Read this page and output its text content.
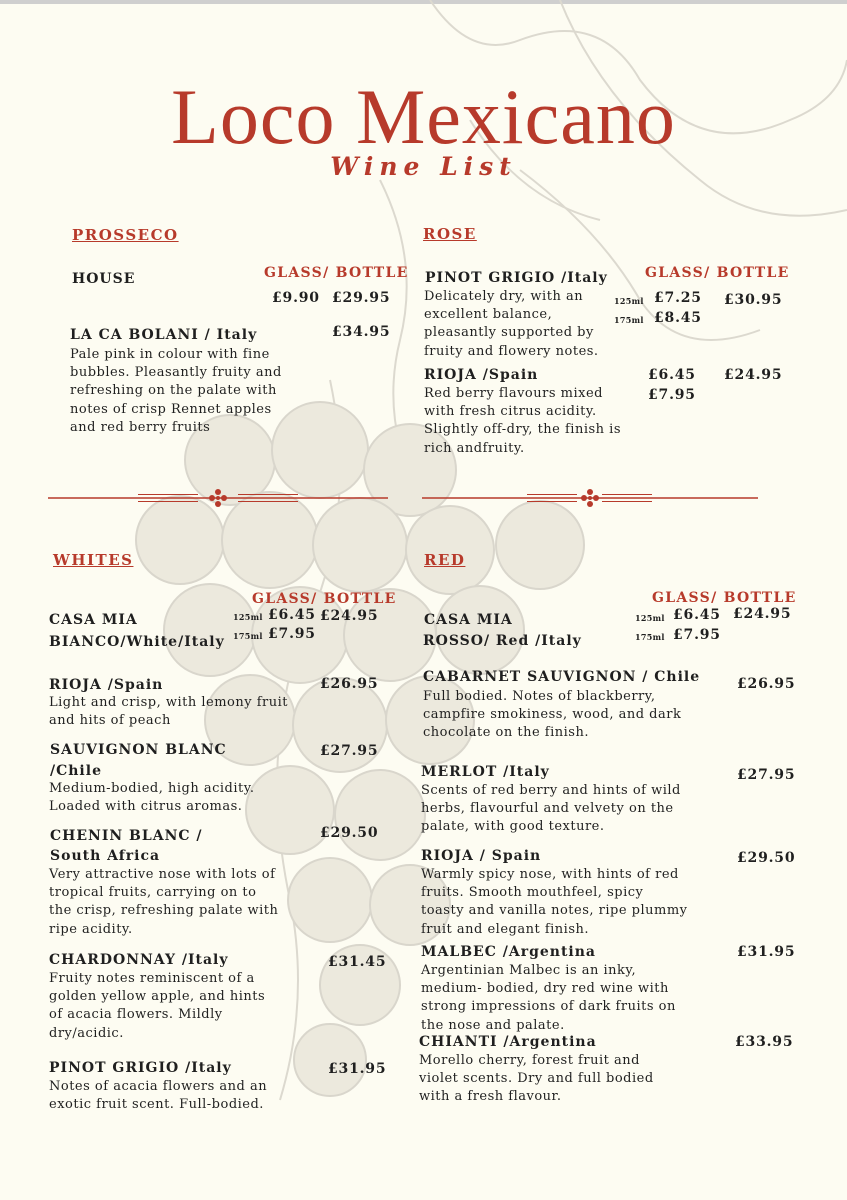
Loco Mexicano
Wine List
PROSSECO
GLASS/ BOTTLE
HOUSE
£9.90 £29.95
LA CA BOLANI / Italy	£34.95
Pale pink in colour with fine bubbles. Pleasantly fruity and refreshing on the palate with notes of crisp Rennet apples and red berry fruits
ROSE
GLASS/ BOTTLE
PINOT GRIGIO /Italy
Delicately dry, with an excellent balance, pleasantly supported by fruity and flowery notes.
125ml £7.25 £30.95
175ml £8.45
RIOJA /Spain	£6.45 £24.95
£7.95
Red berry flavours mixed with fresh citrus acidity. Slightly off-dry, the finish is rich andfruity.
WHITES
GLASS/ BOTTLE
CASA MIA	125ml £6.45 £24.95
175ml £7.95
BIANCO/White/Italy
RIOJA /Spain	£26.95
Light and crisp, with lemony fruit and hits of peach
SAUVIGNON BLANC	£27.95
/Chile
Medium-bodied, high acidity. Loaded with citrus aromas.
CHENIN BLANC /	£29.50
South Africa
Very attractive nose with lots of tropical fruits, carrying on to the crisp, refreshing palate with ripe acidity.
CHARDONNAY /Italy	£31.45
Fruity notes reminiscent of a golden yellow apple, and hints of acacia flowers. Mildly dry/acidic.
PINOT GRIGIO /Italy	£31.95
Notes of acacia flowers and an exotic fruit scent. Full-bodied.
RED
GLASS/ BOTTLE
CASA MIA	125ml £6.45 £24.95
175ml £7.95
ROSSO/ Red /Italy
CABARNET SAUVIGNON / Chile	£26.95
Full bodied. Notes of blackberry, campfire smokiness, wood, and dark chocolate on the finish.
MERLOT /Italy	£27.95
Scents of red berry and hints of wild herbs, flavourful and velvety on the palate, with good texture.
RIOJA / Spain	£29.50
Warmly spicy nose, with hints of red fruits. Smooth mouthfeel, spicy toasty and vanilla notes, ripe plummy fruit and elegant finish.
MALBEC /Argentina	£31.95
Argentinian Malbec is an inky, medium- bodied, dry red wine with strong impressions of dark fruits on the nose and palate.
CHIANTI /Argentina	£33.95
Morello cherry, forest fruit and violet scents. Dry and full bodied with a fresh flavour.
